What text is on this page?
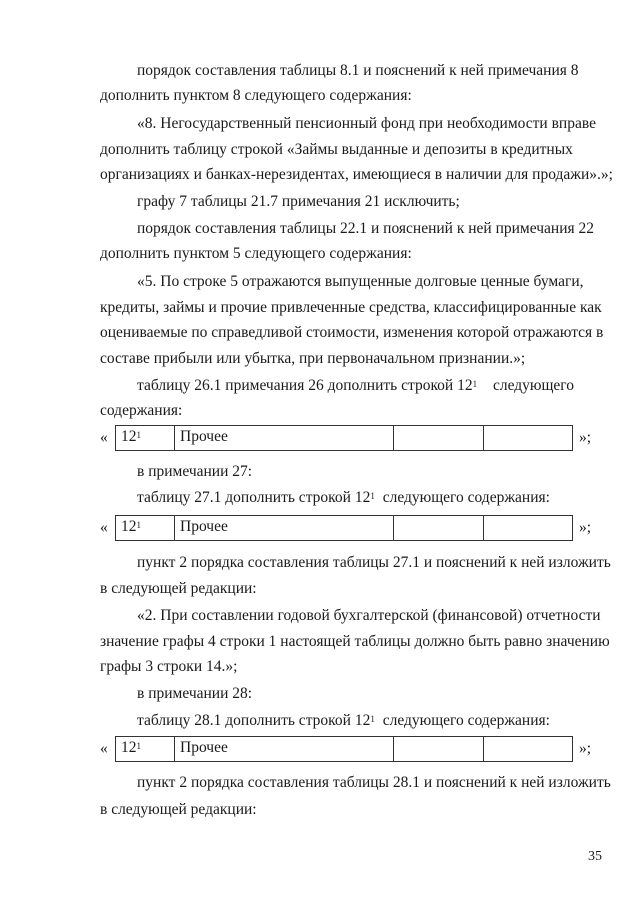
порядок составления таблицы 8.1 и пояснений к ней примечания 8
дополнить пунктом 8 следующего содержания:
«8. Негосударственный пенсионный фонд при необходимости вправе
дополнить таблицу строкой «Займы выданные и депозиты в кредитных
организациях и банках-нерезидентах, имеющиеся в наличии для продажи».»;
графу 7 таблицы 21.7 примечания 21 исключить;
порядок составления таблицы 22.1 и пояснений к ней примечания 22
дополнить пунктом 5 следующего содержания:
«5. По строке 5 отражаются выпущенные долговые ценные бумаги,
кредиты, займы и прочие привлеченные средства, классифицированные как
оцениваемые по справедливой стоимости, изменения которой отражаются в
составе прибыли или убытка, при первоначальном признании.»;
таблицу 26.1 примечания 26 дополнить строкой $12^1$ следующего
содержания:
« $12^1$	Прочее	»;
в примечании 27:
таблицу 27.1 дополнить строкой $12^1$ следующего содержания:
« $12^1$	Прочее	»;
пункт 2 порядка составления таблицы 27.1 и пояснений к ней изложить
в следующей редакции:
«2. При составлении годовой бухгалтерской (финансовой) отчетности
значение графы 4 строки 1 настоящей таблицы должно быть равно значению
графы 3 строки 14.»;
в примечании 28:
таблицу 28.1 дополнить строкой $12^1$ следующего содержания:
« $12^1$	Прочее	»;
пункт 2 порядка составления таблицы 28.1 и пояснений к ней изложить
в следующей редакции:
35
